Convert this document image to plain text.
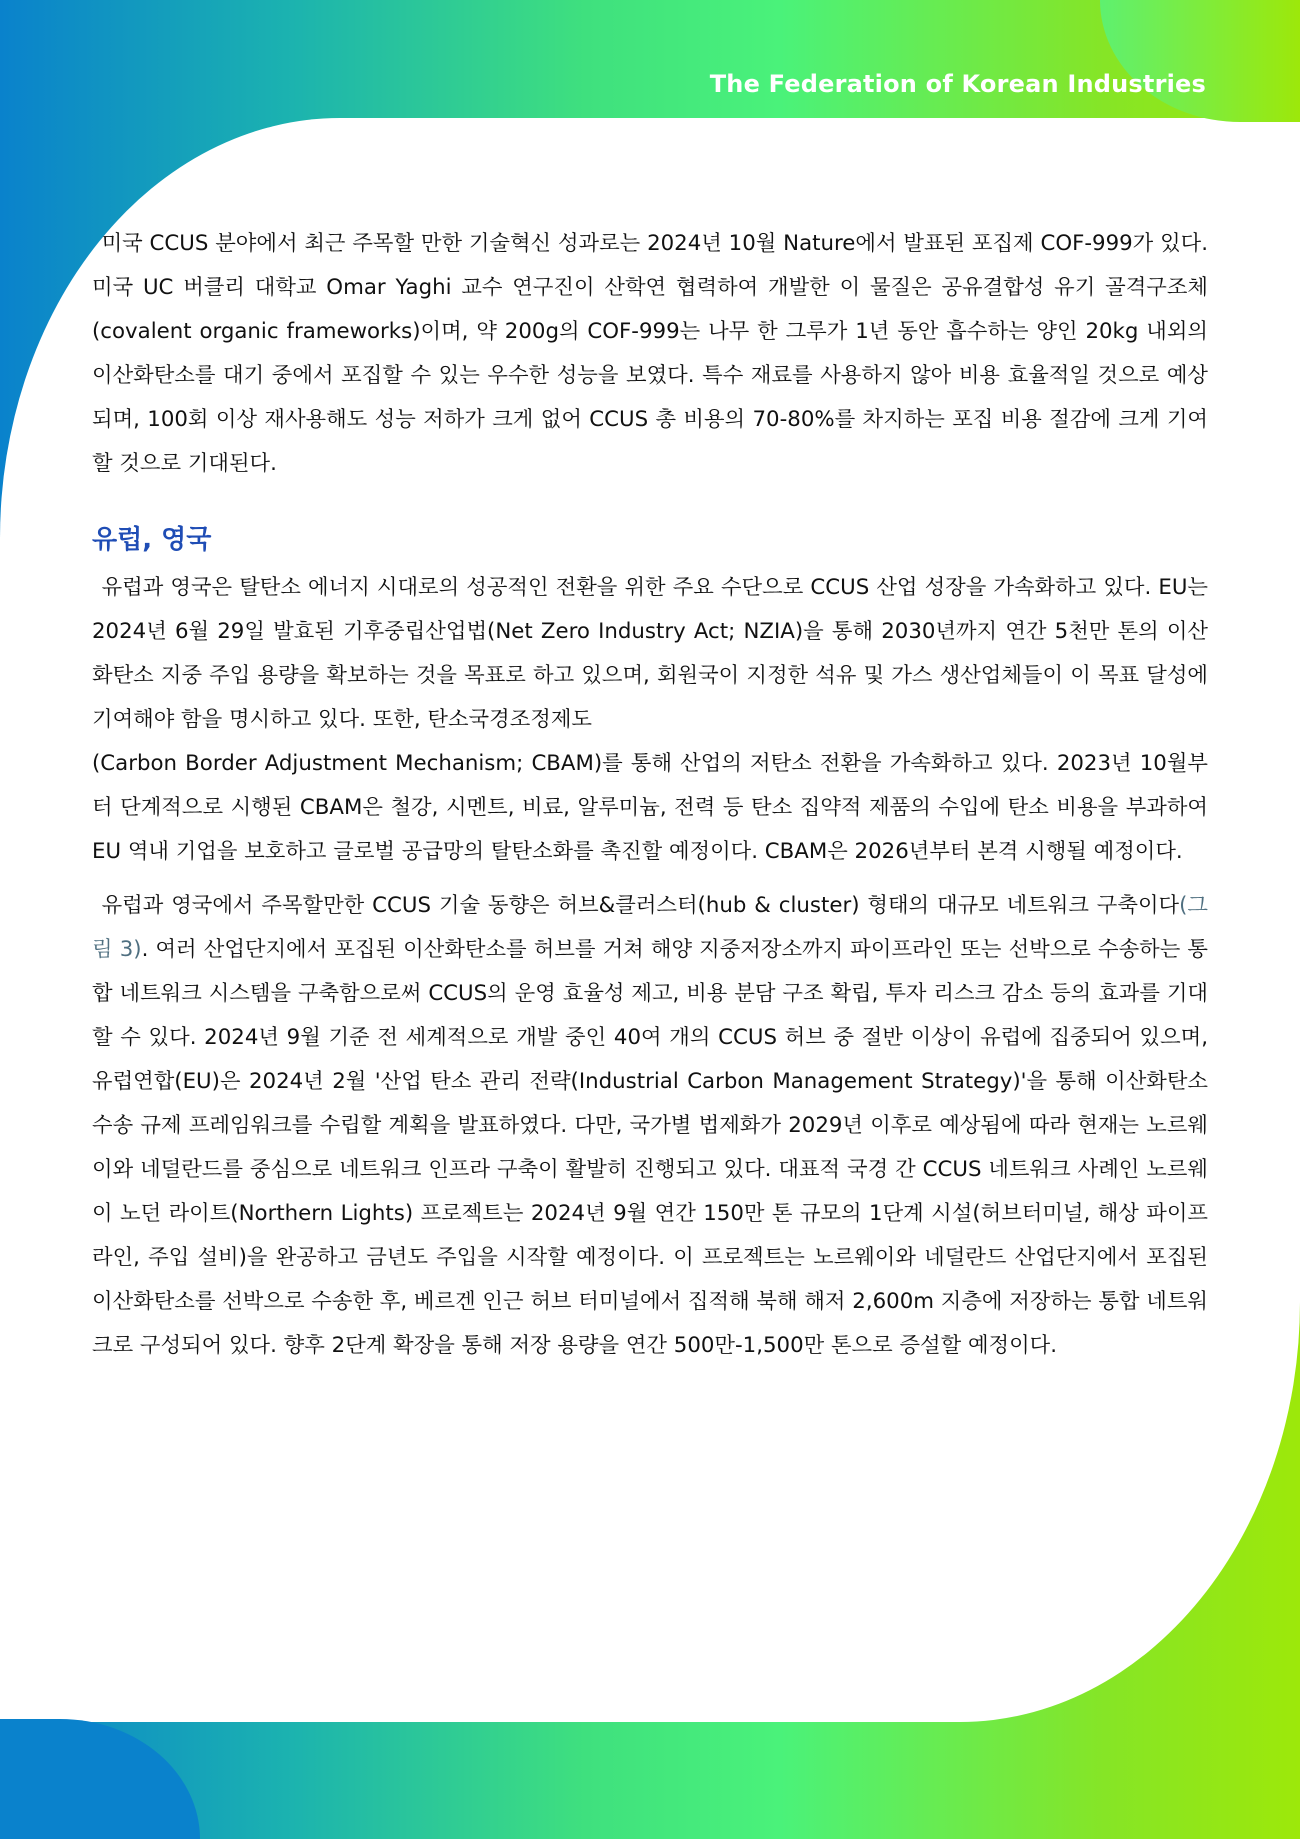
The Federation of Korean Industries

미국 CCUS 분야에서 최근 주목할 만한 기술혁신 성과로는 2024년 10월 Nature에서 발표된 포집제 COF-999가 있다. 미국 UC 버클리 대학교 Omar Yaghi 교수 연구진이 산학연 협력하여 개발한 이 물질은 공유결합성 유기 골격구조체(covalent organic frameworks)이며, 약 200g의 COF-999는 나무 한 그루가 1년 동안 흡수하는 양인 20kg 내외의 이산화탄소를 대기 중에서 포집할 수 있는 우수한 성능을 보였다. 특수 재료를 사용하지 않아 비용 효율적일 것으로 예상되며, 100회 이상 재사용해도 성능 저하가 크게 없어 CCUS 총 비용의 70-80%를 차지하는 포집 비용 절감에 크게 기여할 것으로 기대된다.

유럽, 영국

유럽과 영국은 탈탄소 에너지 시대로의 성공적인 전환을 위한 주요 수단으로 CCUS 산업 성장을 가속화하고 있다. EU는 2024년 6월 29일 발효된 기후중립산업법(Net Zero Industry Act; NZIA)을 통해 2030년까지 연간 5천만 톤의 이산화탄소 지중 주입 용량을 확보하는 것을 목표로 하고 있으며, 회원국이 지정한 석유 및 가스 생산업체들이 이 목표 달성에 기여해야 함을 명시하고 있다. 또한, 탄소국경조정제도

(Carbon Border Adjustment Mechanism; CBAM)를 통해 산업의 저탄소 전환을 가속화하고 있다. 2023년 10월부터 단계적으로 시행된 CBAM은 철강, 시멘트, 비료, 알루미늄, 전력 등 탄소 집약적 제품의 수입에 탄소 비용을 부과하여 EU 역내 기업을 보호하고 글로벌 공급망의 탈탄소화를 촉진할 예정이다. CBAM은 2026년부터 본격 시행될 예정이다.

유럽과 영국에서 주목할만한 CCUS 기술 동향은 허브&클러스터(hub & cluster) 형태의 대규모 네트워크 구축이다(그림 3). 여러 산업단지에서 포집된 이산화탄소를 허브를 거쳐 해양 지중저장소까지 파이프라인 또는 선박으로 수송하는 통합 네트워크 시스템을 구축함으로써 CCUS의 운영 효율성 제고, 비용 분담 구조 확립, 투자 리스크 감소 등의 효과를 기대할 수 있다. 2024년 9월 기준 전 세계적으로 개발 중인 40여 개의 CCUS 허브 중 절반 이상이 유럽에 집중되어 있으며, 유럽연합(EU)은 2024년 2월 '산업 탄소 관리 전략(Industrial Carbon Management Strategy)'을 통해 이산화탄소 수송 규제 프레임워크를 수립할 계획을 발표하였다. 다만, 국가별 법제화가 2029년 이후로 예상됨에 따라 현재는 노르웨이와 네덜란드를 중심으로 네트워크 인프라 구축이 활발히 진행되고 있다. 대표적 국경 간 CCUS 네트워크 사례인 노르웨이 노던 라이트(Northern Lights) 프로젝트는 2024년 9월 연간 150만 톤 규모의 1단계 시설(허브터미널, 해상 파이프라인, 주입 설비)을 완공하고 금년도 주입을 시작할 예정이다. 이 프로젝트는 노르웨이와 네덜란드 산업단지에서 포집된 이산화탄소를 선박으로 수송한 후, 베르겐 인근 허브 터미널에서 집적해 북해 해저 2,600m 지층에 저장하는 통합 네트워크로 구성되어 있다. 향후 2단계 확장을 통해 저장 용량을 연간 500만-1,500만 톤으로 증설할 예정이다.
